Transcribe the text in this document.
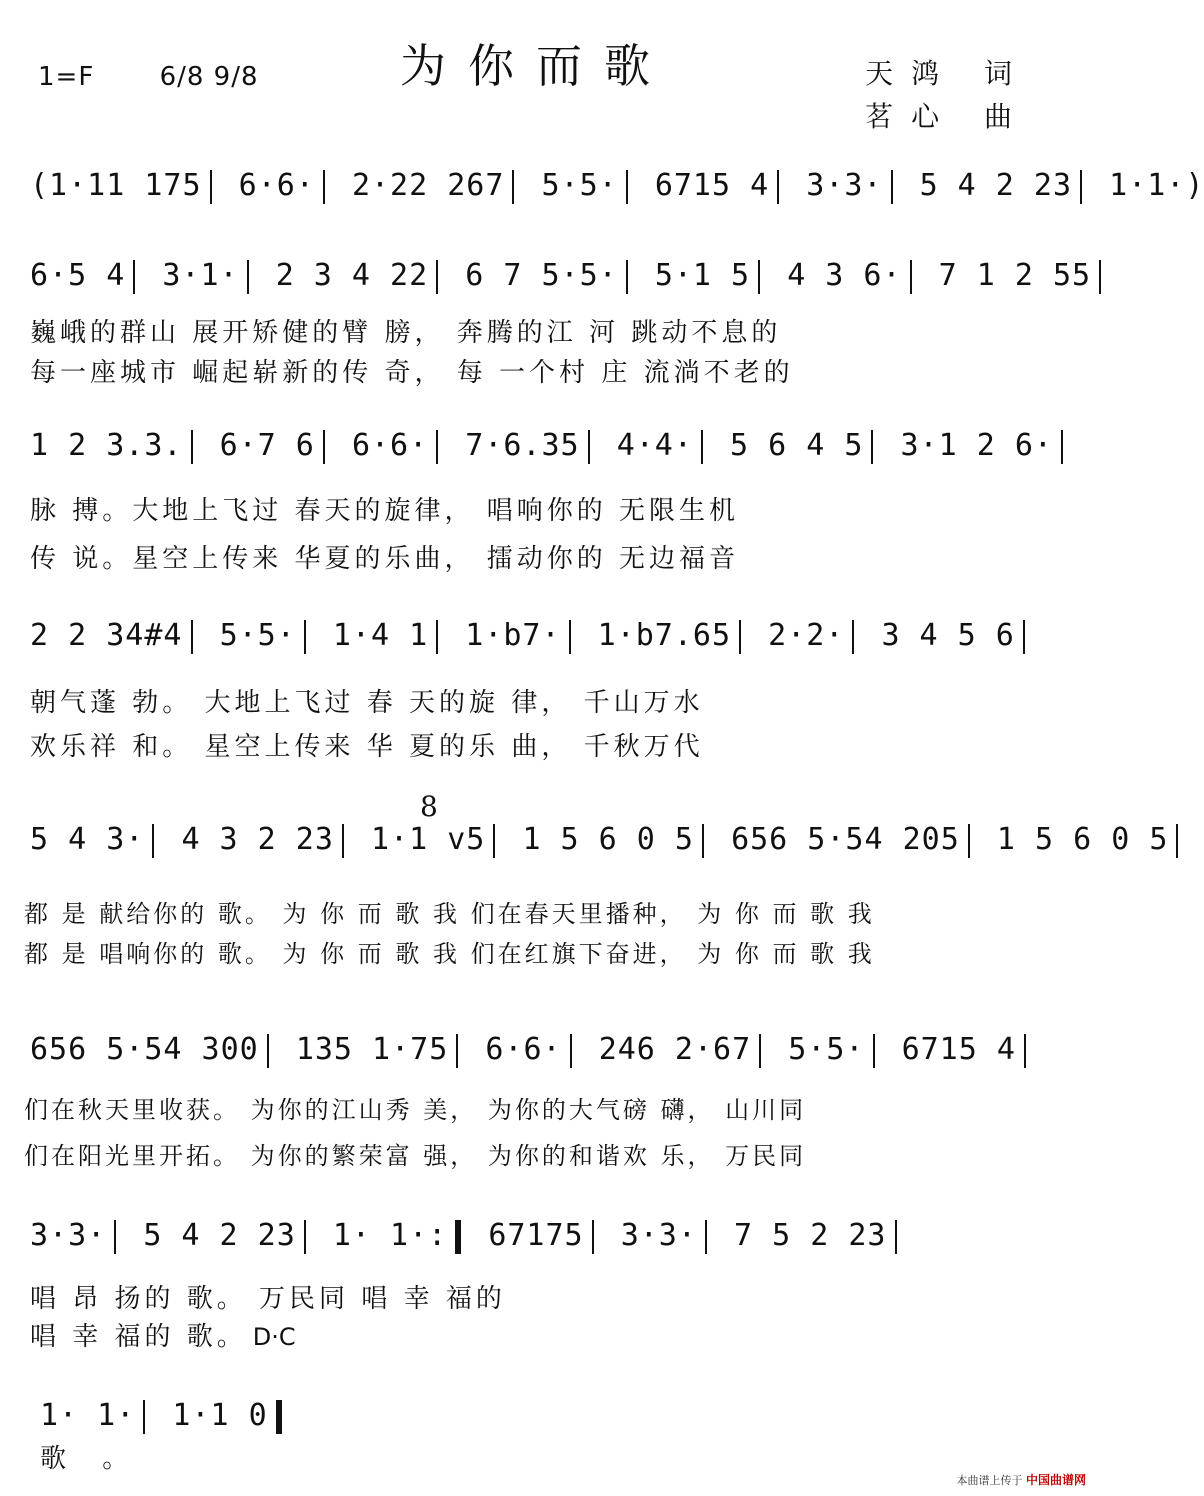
为你而歌
1=F	6/8 9/8	天鸿 词
茗心 曲
(1·11 175 6·6· 2·22 267 5·5· 6715 4 3·3· 5 4 2 23 1·1·)
6·5 4 3·1· 2 3 4 22 6 7 5·5· 5·1 5 4 3 6· 7 1 2 55
巍峨的群山 展开矫健的臂 膀， 奔腾的江 河 跳动不息的
每一座城市 崛起崭新的传 奇， 每 一个村 庄 流淌不老的
1 2 3.3. 6·7 6 6·6· 7·6.35 4·4· 5 6 4 5 3·1 2 6·
脉 搏。大地上飞过 春天的旋律， 唱响你的 无限生机
传 说。星空上传来 华夏的乐曲， 擂动你的 无边福音
2 2 34#4 5·5· 1·4 1 1·b7· 1·b7.65 2·2· 3 4 5 6
朝气蓬 勃。 大地上飞过 春 天的旋 律， 千山万水
欢乐祥 和。 星空上传来 华 夏的乐 曲， 千秋万代
8
5 4 3· 4 3 2 23 1·1 v5 1 5 6 0 5 656 5·54 205 1 5 6 0 5
都 是 献给你的 歌。 为 你 而 歌 我 们在春天里播种， 为 你 而 歌 我
都 是 唱响你的 歌。 为 你 而 歌 我 们在红旗下奋进， 为 你 而 歌 我
656 5·54 300 135 1·75 6·6· 246 2·67 5·5· 6715 4
们在秋天里收获。 为你的江山秀 美， 为你的大气磅 礴， 山川同
们在阳光里开拓。 为你的繁荣富 强， 为你的和谐欢 乐， 万民同
3·3· 5 4 2 23 1· 1·: 67175 3·3· 7 5 2 23
唱 昂 扬的 歌。 万民同 唱 幸 福的
唱 幸 福的 歌。 D·C
1· 1· 1·1 0
歌 。
本曲谱上传于 中国曲谱网
